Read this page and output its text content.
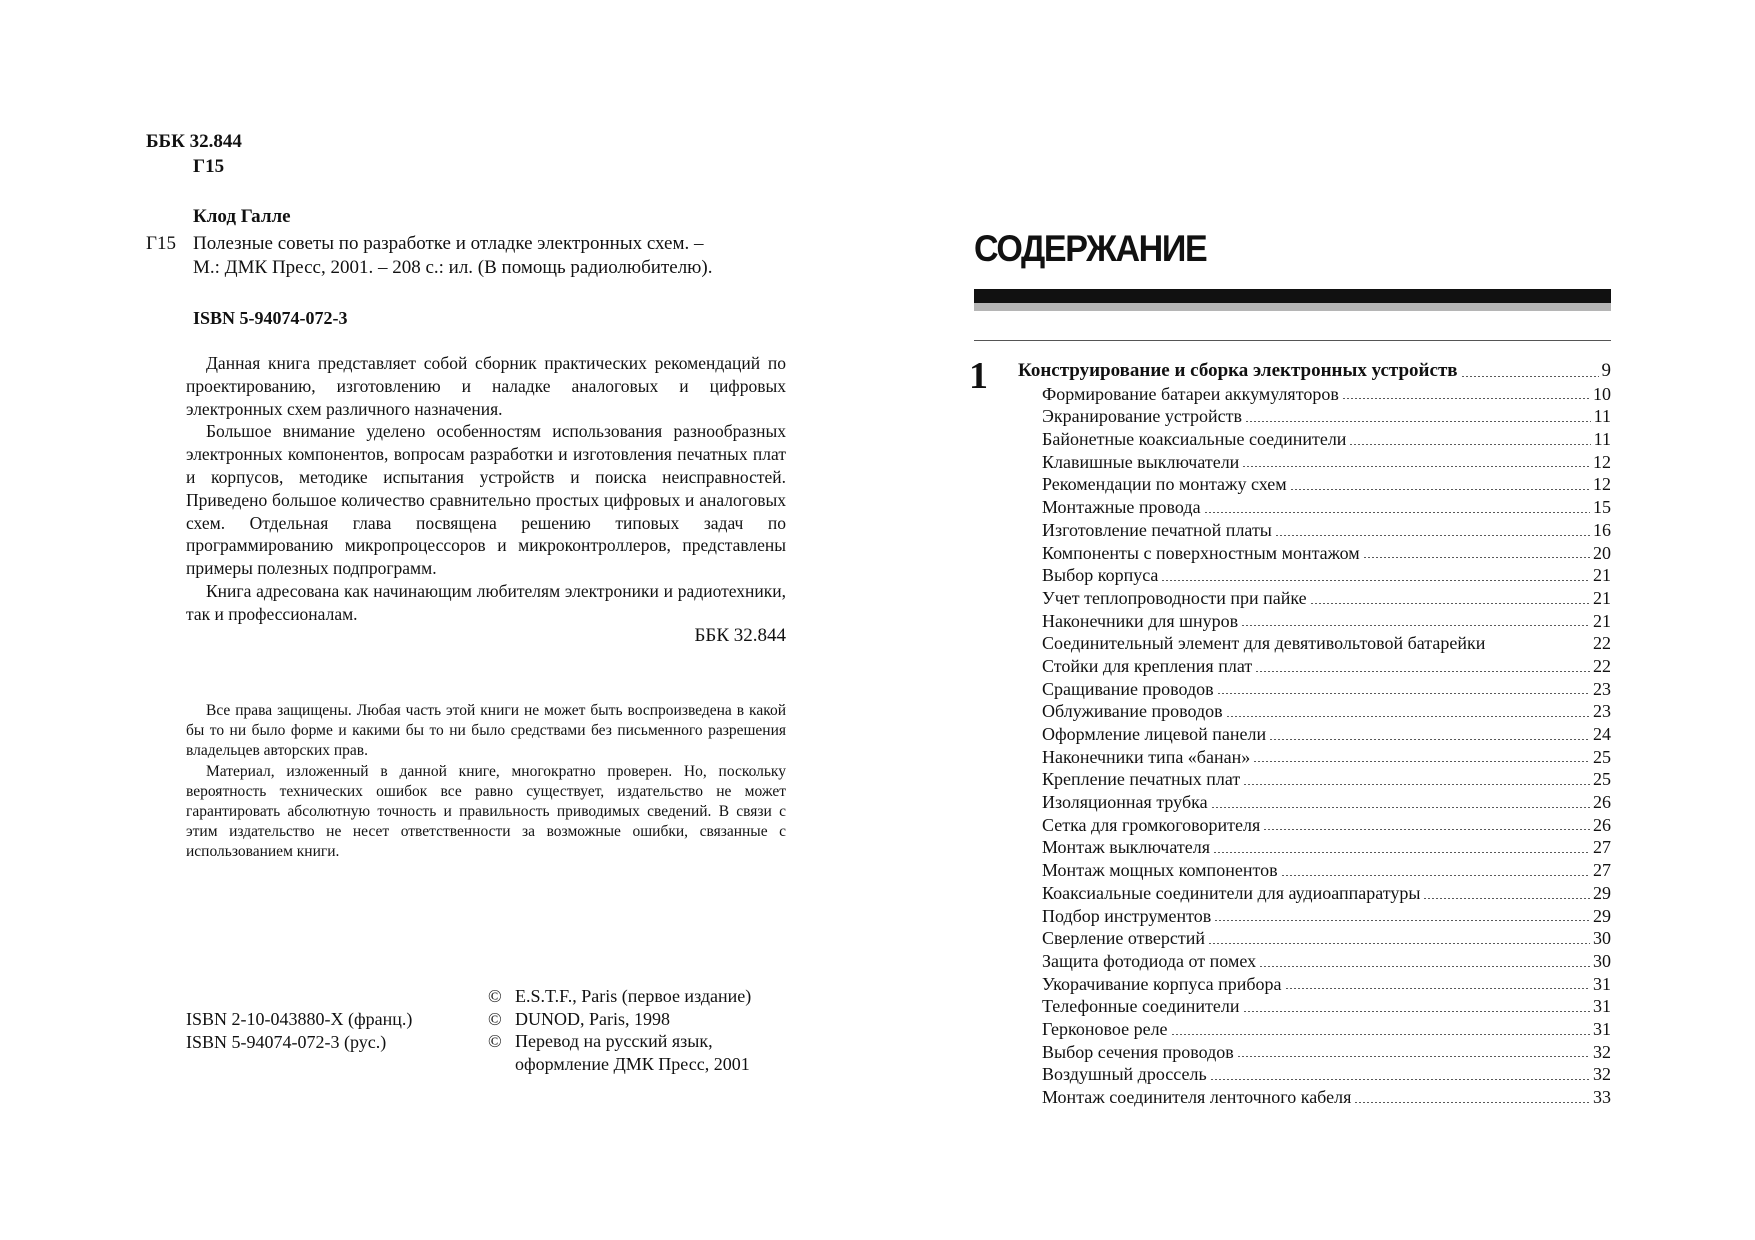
ББК 32.844
Г15
Клод Галле
Г15 Полезные советы по разработке и отладке электронных схем. –
М.: ДМК Пресс, 2001. – 208 с.: ил. (В помощь радиолюбителю).
ISBN 5-94074-072-3

Данная книга представляет собой сборник практических рекомендаций по проектированию, изготовлению и наладке аналоговых и цифровых электронных схем различного назначения.

Большое внимание уделено особенностям использования разнообразных электронных компонентов, вопросам разработки и изготовления печатных плат и корпусов, методике испытания устройств и поиска неисправностей. Приведено большое количество сравнительно простых цифровых и аналоговых схем. Отдельная глава посвящена решению типовых задач по программированию микропроцессоров и микроконтроллеров, представлены примеры полезных подпрограмм.

Книга адресована как начинающим любителям электроники и радиотехники, так и профессионалам.

ББК 32.844

Все права защищены. Любая часть этой книги не может быть воспроизведена в какой бы то ни было форме и какими бы то ни было средствами без письменного разрешения владельцев авторских прав.

Материал, изложенный в данной книге, многократно проверен. Но, поскольку вероятность технических ошибок все равно существует, издательство не может гарантировать абсолютную точность и правильность приводимых сведений. В связи с этим издательство не несет ответственности за возможные ошибки, связанные с использованием книги.

ISBN 2-10-043880-X (франц.)
ISBN 5-94074-072-3 (рус.)
© E.S.T.F., Paris (первое издание)
© DUNOD, Paris, 1998
© Перевод на русский язык,
оформление ДМК Пресс, 2001
СОДЕРЖАНИЕ
1 Конструирование и сборка электронных устройств	9
Формирование батареи аккумуляторов	10
Экранирование устройств	11
Байонетные коаксиальные соединители	11
Клавишные выключатели	12
Рекомендации по монтажу схем	12
Монтажные провода	15
Изготовление печатной платы	16
Компоненты с поверхностным монтажом	20
Выбор корпуса	21
Учет теплопроводности при пайке	21
Наконечники для шнуров	21
Соединительный элемент для девятивольтовой батарейки	22
Стойки для крепления плат	22
Сращивание проводов	23
Облуживание проводов	23
Оформление лицевой панели	24
Наконечники типа «банан»	25
Крепление печатных плат	25
Изоляционная трубка	26
Сетка для громкоговорителя	26
Монтаж выключателя	27
Монтаж мощных компонентов	27
Коаксиальные соединители для аудиоаппаратуры	29
Подбор инструментов	29
Сверление отверстий	30
Защита фотодиода от помех	30
Укорачивание корпуса прибора	31
Телефонные соединители	31
Герконовое реле	31
Выбор сечения проводов	32
Воздушный дроссель	32
Монтаж соединителя ленточного кабеля	33
